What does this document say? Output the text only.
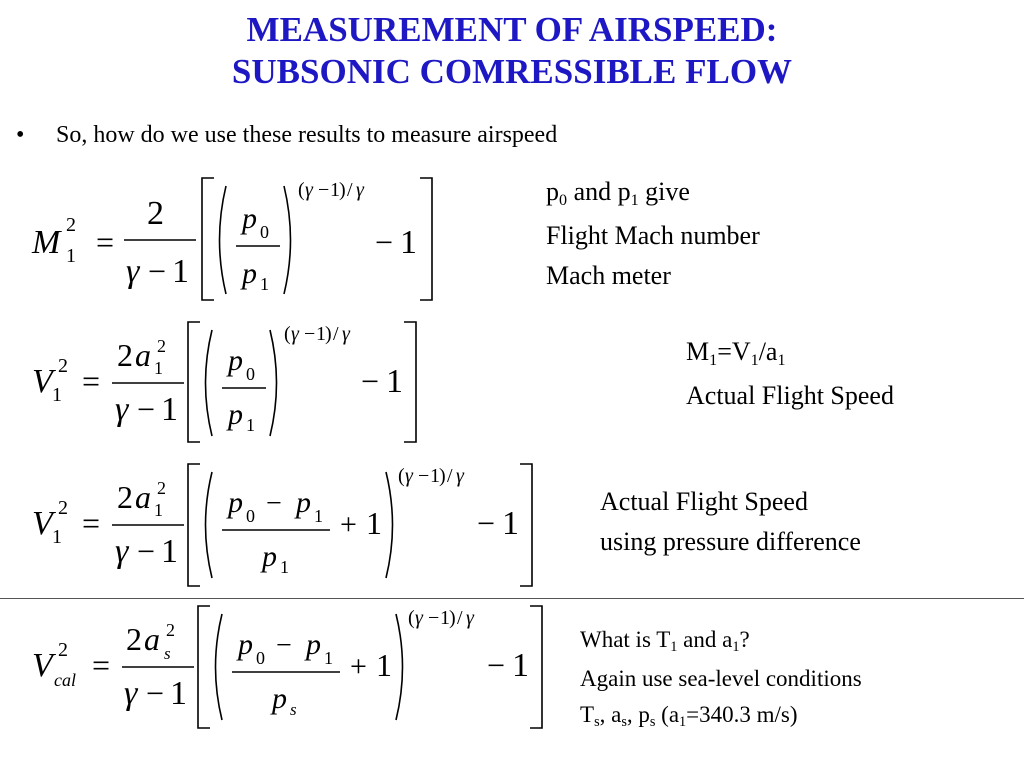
MEASUREMENT OF AIRSPEED:
SUBSONIC COMRESSIBLE FLOW
• So, how do we use these results to measure airspeed
M 2
1 =
2
γ − 1
p 0
p 1
( γ − 1 ) / γ
− 1
V 2
1 =
2 a 2
1
γ − 1
p 0
p 1
( γ − 1 ) / γ
− 1
V 2
1 =
2 a 2
1
γ − 1
p 0 − p 1
p 1
+ 1
( γ − 1 ) / γ
− 1
V 2
cal =
2 a 2
s
γ − 1
p 0 − p 1
p s
+ 1
( γ − 1 ) / γ
− 1
p0 and p1 give
Flight Mach number
Mach meter
M1=V1/a1
Actual Flight Speed
Actual Flight Speed
using pressure difference
What is T1 and a1?
Again use sea-level conditions
Ts, as, ps (a1=340.3 m/s)
